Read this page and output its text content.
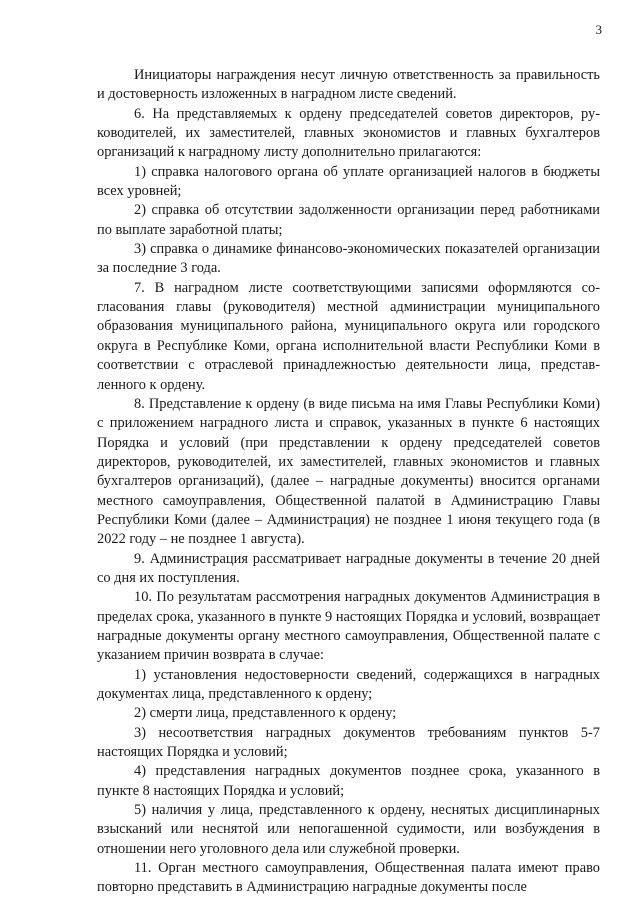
3

Инициаторы награждения несут личную ответственность за правильность и достоверность изложенных в наградном листе сведений.

6. На представляемых к ордену председателей советов директоров, руководителей, их заместителей, главных экономистов и главных бухгалтеров организаций к наградному листу дополнительно прилагаются:

1) справка налогового органа об уплате организацией налогов в бюджеты всех уровней;

2) справка об отсутствии задолженности организации перед работниками по выплате заработной платы;

3) справка о динамике финансово-экономических показателей организации за последние 3 года.

7. В наградном листе соответствующими записями оформляются согласования главы (руководителя) местной администрации муниципального образования муниципального района, муниципального округа или городского округа в Республике Коми, органа исполнительной власти Республики Коми в соответствии с отраслевой принадлежностью деятельности лица, представленного к ордену.

8. Представление к ордену (в виде письма на имя Главы Республики Коми) с приложением наградного листа и справок, указанных в пункте 6 настоящих Порядка и условий (при представлении к ордену председателей советов директоров, руководителей, их заместителей, главных экономистов и главных бухгалтеров организаций), (далее – наградные документы) вносится органами местного самоуправления, Общественной палатой в Администрацию Главы Республики Коми (далее – Администрация) не позднее 1 июня текущего года (в 2022 году – не позднее 1 августа).

9. Администрация рассматривает наградные документы в течение 20 дней со дня их поступления.

10. По результатам рассмотрения наградных документов Администрация в пределах срока, указанного в пункте 9 настоящих Порядка и условий, возвращает наградные документы органу местного самоуправления, Общественной палате с указанием причин возврата в случае:

1) установления недостоверности сведений, содержащихся в наградных документах лица, представленного к ордену;

2) смерти лица, представленного к ордену;

3) несоответствия наградных документов требованиям пунктов 5-7 настоящих Порядка и условий;

4) представления наградных документов позднее срока, указанного в пункте 8 настоящих Порядка и условий;

5) наличия у лица, представленного к ордену, неснятых дисциплинарных взысканий или неснятой или непогашенной судимости, или возбуждения в отношении него уголовного дела или служебной проверки.

11. Орган местного самоуправления, Общественная палата имеют право повторно представить в Администрацию наградные документы после
